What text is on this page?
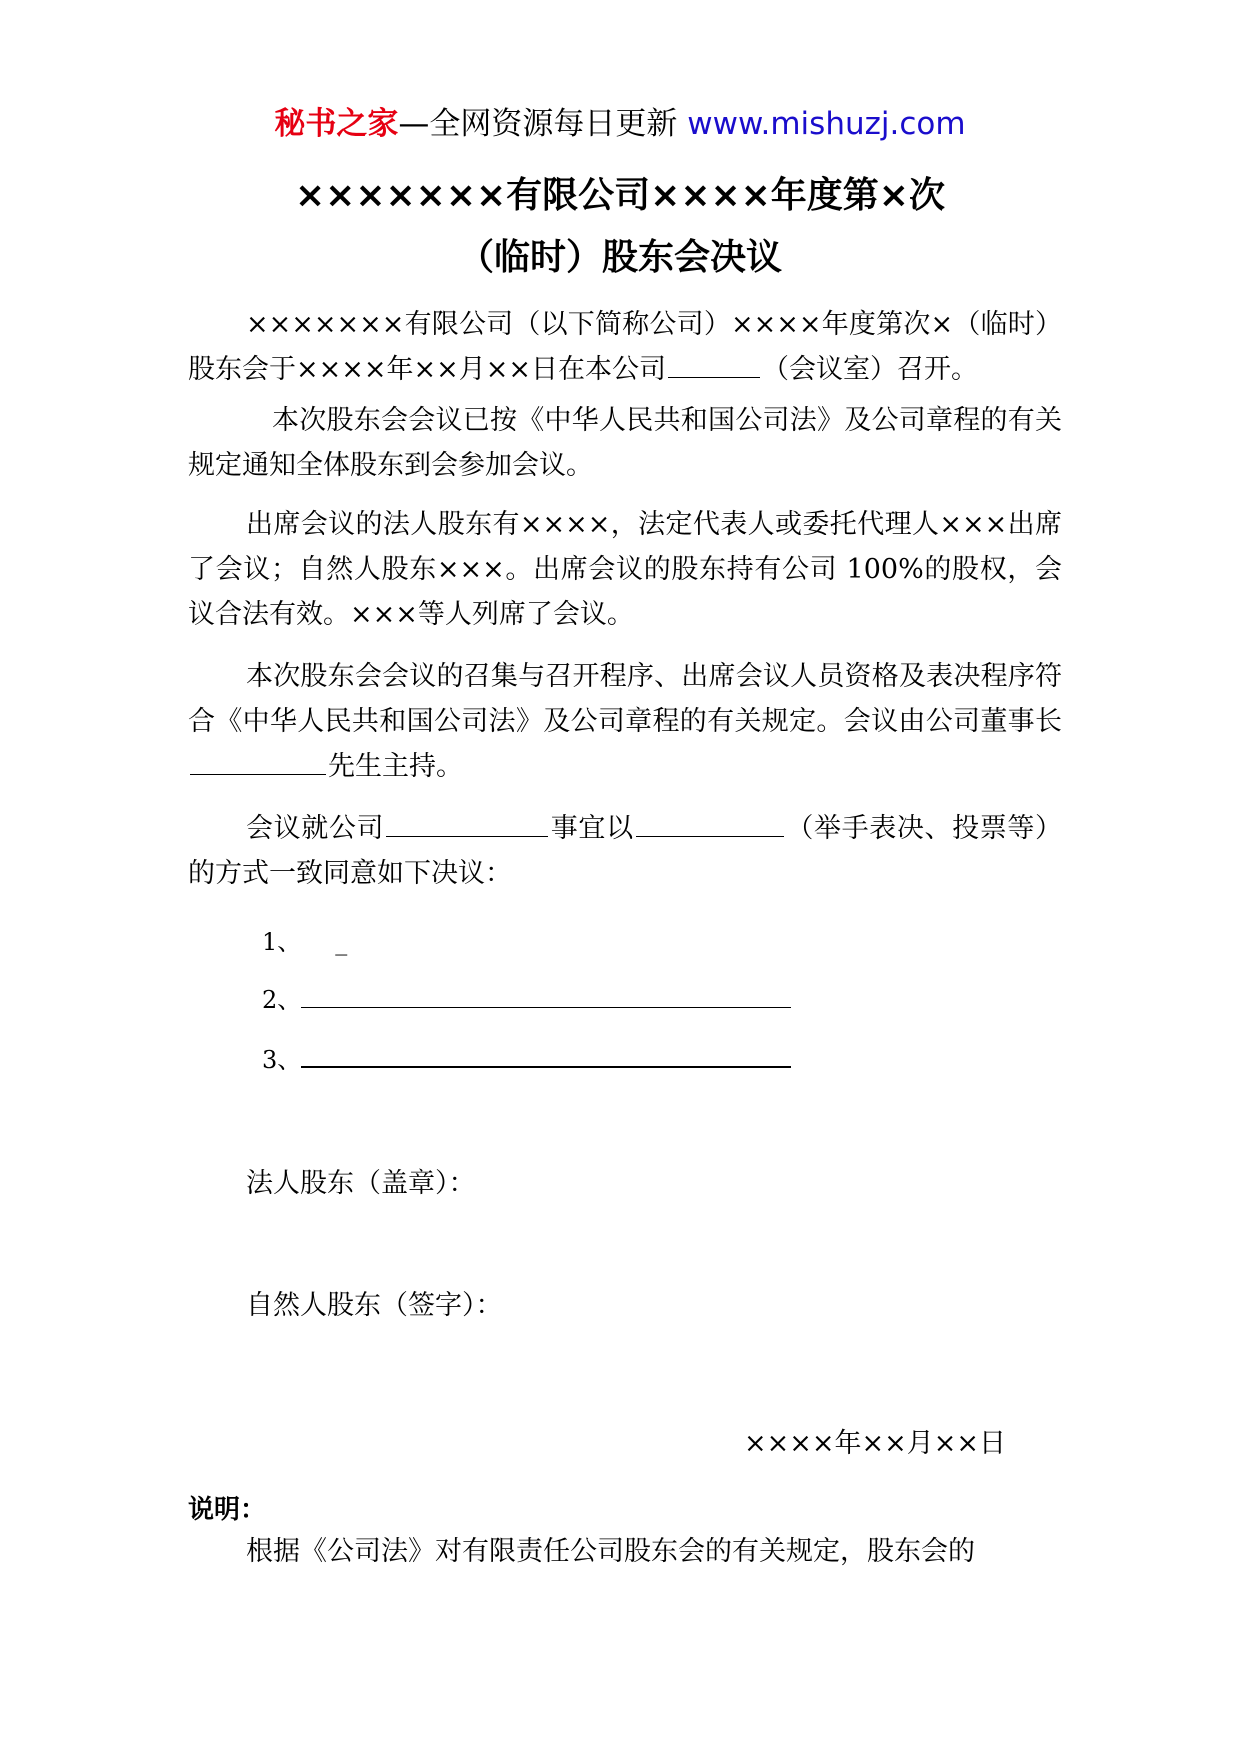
秘书之家—全网资源每日更新 www.mishuzj.com
×××××××有限公司××××年度第×次
（临时）股东会决议
×××××××有限公司（以下简称公司）××××年度第次×（临时）股东会于××××年××月××日在本公司	（会议室）召开。
本次股东会会议已按《中华人民共和国公司法》及公司章程的有关规定通知全体股东到会参加会议。
出席会议的法人股东有××××，法定代表人或委托代理人×××出席了会议；自然人股东×××。出席会议的股东持有公司 100%的股权，会议合法有效。×××等人列席了会议。
本次股东会会议的召集与召开程序、出席会议人员资格及表决程序符合《中华人民共和国公司法》及公司章程的有关规定。会议由公司董事长先生主持。
会议就公司	事宜以	（举手表决、投票等）的方式一致同意如下决议：
1、 _
2、
3、
法人股东（盖章）：
自然人股东（签字）：
××××年××月××日
说明：
根据《公司法》对有限责任公司股东会的有关规定，股东会的
